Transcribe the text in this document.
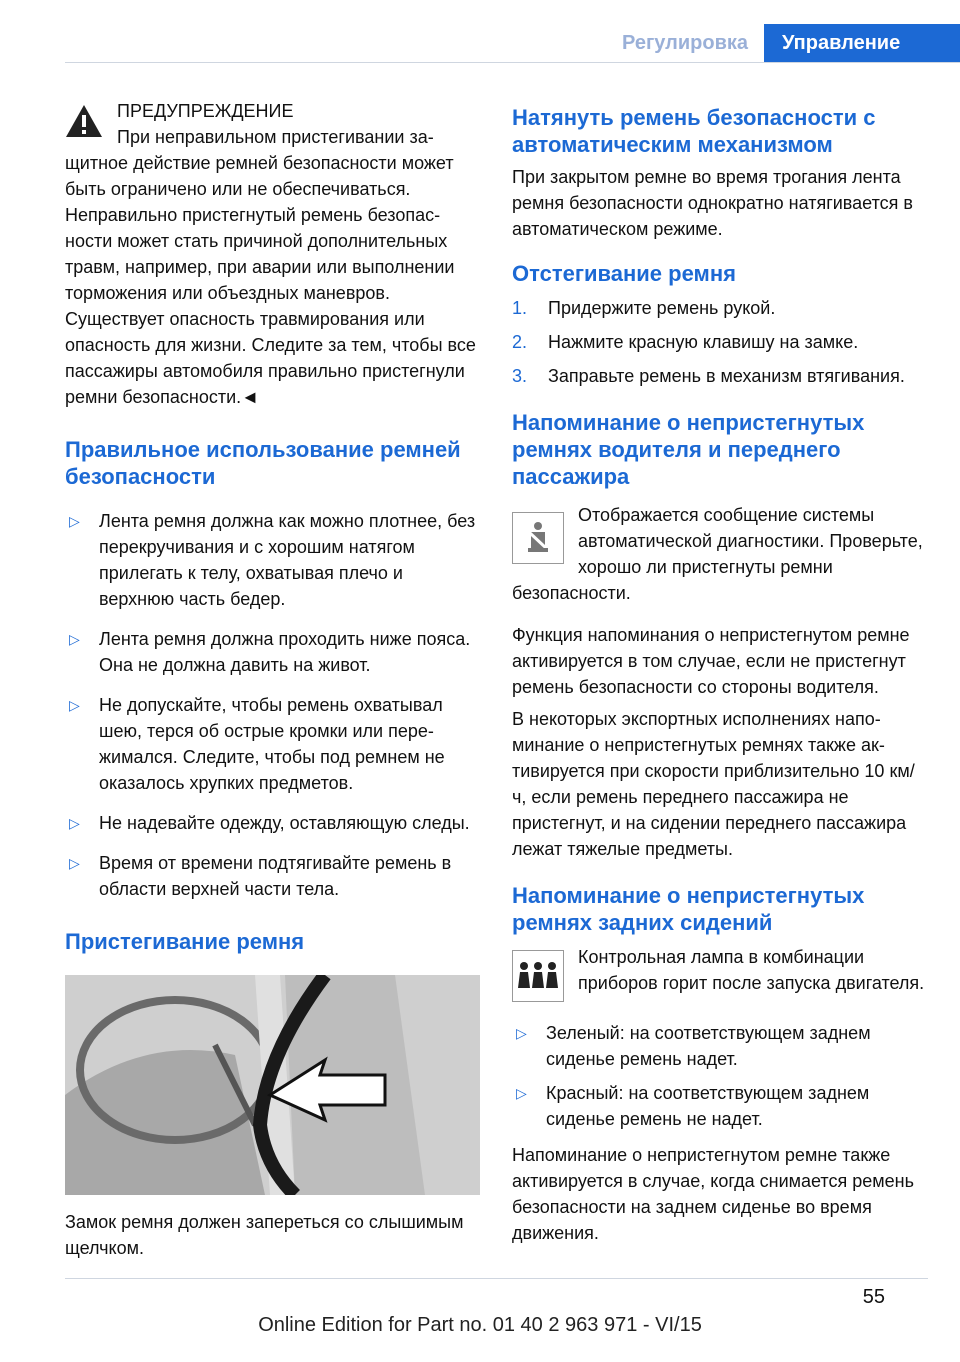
Регулировка	Управление
ПРЕДУПРЕЖДЕНИЕ
При неправильном пристегивании за-

щитное действие ремней безопасности может быть ограничено или не обеспечиваться. Неправильно пристегнутый ремень безопасности может стать причиной дополнительных травм, например, при аварии или выполнении торможения или объездных маневров. Существует опасность травмирования или опасность для жизни. Следите за тем, чтобы все пассажиры автомобиля правильно пристегнули ремни безопасности.◄

Правильное использование ремней безопасности
▷ Лента ремня должна как можно плотнее, без перекручивания и с хорошим натягом прилегать к телу, охватывая плечо и верхнюю часть бедер.
▷ Лента ремня должна проходить ниже пояса. Она не должна давить на живот.
▷ Не допускайте, чтобы ремень охватывал шею, терся об острые кромки или пережимался. Следите, чтобы под ремнем не оказалось хрупких предметов.
▷ Не надевайте одежду, оставляющую следы.
▷ Время от времени подтягивайте ремень в области верхней части тела.
Пристегивание ремня

Замок ремня должен запереться со слышимым щелчком.

Натянуть ремень безопасности с автоматическим механизмом

При закрытом ремне во время трогания лента ремня безопасности однократно натягивается в автоматическом режиме.

Отстегивание ремня
1. Придержите ремень рукой.
2. Нажмите красную клавишу на замке.
3. Заправьте ремень в механизм втягивания.
Напоминание о непристегнутых ремнях водителя и переднего пассажира

Отображается сообщение системы автоматической диагностики. Проверьте, хорошо ли пристегнуты ремни безопасности.

Функция напоминания о непристегнутом ремне активируется в том случае, если не пристегнут ремень безопасности со стороны водителя.

В некоторых экспортных исполнениях напоминание о непристегнутых ремнях также активируется при скорости приблизительно 10 км/ч, если ремень переднего пассажира не пристегнут, и на сидении переднего пассажира лежат тяжелые предметы.

Напоминание о непристегнутых ремнях задних сидений

Контрольная лампа в комбинации приборов горит после запуска двигателя.

▷ Зеленый: на соответствующем заднем сиденье ремень надет.
▷ Красный: на соответствующем заднем сиденье ремень не надет.

Напоминание о непристегнутом ремне также активируется в случае, когда снимается ремень безопасности на заднем сиденье во время движения.

55
Online Edition for Part no. 01 40 2 963 971 - VI/15
